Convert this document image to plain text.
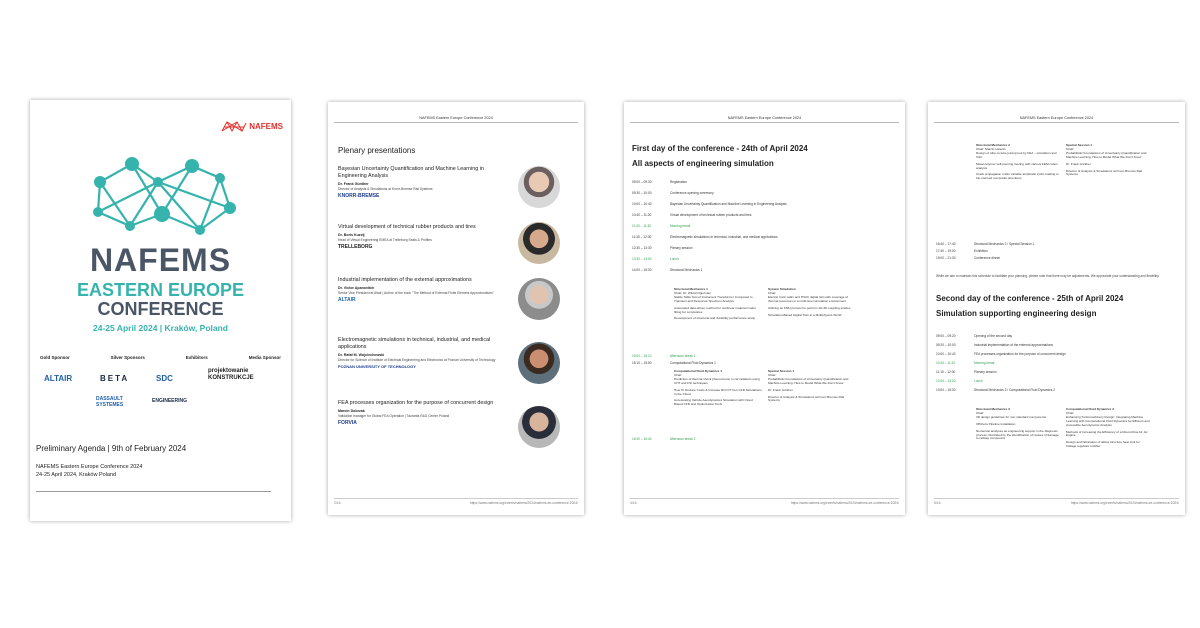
NAFEMS
NAFEMS
EASTERN EUROPE
CONFERENCE
24-25 April 2024 | Kraków, Poland
Gold Sponsor	Silver Sponsors	Exhibitors	Media Sponsor
ALTAIR	BETA	SDC
projektowanie KONSTRUKCJE
DASSAULT SYSTEMES
ENGINEERING
Preliminary Agenda | 9th of February 2024
NAFEMS Eastern Europe Conference 2024
24-25 April 2024, Kraków Poland
NAFEMS Eastern Europe Conference 2024
Plenary presentations
Bayesian Uncertainty Quantification and Machine Learning in Engineering Analysis
Dr. Frank Günther
Director of Analysis & Simulations at Knorr-Bremse Rail Systems
KNORR-BREMSE
Virtual development of technical rubber products and tires
Dr. Boris Kuzelj
Head of Virtual Engineering EMEA at Trelleborg Seals & Profiles
TRELLEBORG
Industrial implementation of the external approximations
Dr. Victor Apanovitch
Senior Vice President at Altair | Author of the book "The Method of External Finite Element Approximations"
ALTAIR
Electromagnetic simulations in technical, industrial, and medical applications
Dr. Rafał M. Wojciechowski
Director for Science of Institute of Electrical Engineering and Electronics at Poznan University of Technology
POZNAN UNIVERSITY OF TECHNOLOGY
FEA processes organization for the purpose of concurrent design
Marcin Dobrzak
Validation manager for Global FEA Operation | Tauranta R&D Center Poland
FORVIA
2/16	https://www.nafems.org/events/nafems/2024/nafems-ee-conference-2024/
NAFEMS Eastern Europe Conference 2024
First day of the conference - 24th of April 2024
All aspects of engineering simulation
09:00 – 09:30	Registration
09:30 – 10:00	Conference opening ceremony
10:00 – 10:40	Bayesian Uncertainty Quantification and Machine Learning in Engineering Analysis
10:40 – 11:20	Virtual development of technical rubber products and tires
11:20 – 11:30	Morning break
11:30 – 12:30	Electromagnetic simulations in technical, industrial, and medical applications
12:30 – 13:30	Plenary session
13:30 – 14:00	Lunch
14:00 – 15:00	Structural Mechanics 1
Structural Mechanics 1
Chair: Dr. Witold Ogierman
Stable Table Test of Instrument Transformer Compared to Transient and Response Spectrum Analysis
Automated data-driven method for nonlinear material model fitting for composites
Development of structural and durability performance study
System Simulation
Chair:
Electric truck cabin and HVAC digital twin with coverage of thermal resources in a multi-level simulation environment
Utilizing an FMU protocol to perform 1D-3D coupling studies
Simulation-Based Digital Twin in a Multiphysics World
15:00 – 15:10	Afternoon break 1
15:10 – 15:50	Computational Fluid Dynamics 1
Computational Fluid Dynamics 1
Chair:
Prediction of thermal shock phenomenon in car radiators using CHT and FSI techniques
How To Reduce Costs & Increase ROI Of Your CFD Simulations In the Cloud
Accelerating Vehicle Aerodynamics Simulation with Cloud Based CFD and Optimization Tools
Special Session 1
Chair:
Probabilistic Foundations of Uncertainty Quantification and Machine Learning: How to Model What We Don't Know
Dr. Frank Günther
Director of Analysis & Simulations at Knorr-Bremse Rail Systems
16:30 – 16:40	Afternoon break 2
4/16	https://www.nafems.org/events/nafems/2024/nafems-ee-conference-2024/
NAFEMS Eastern Europe Conference 2024
Structural Mechanics 2
Chair: Marcin Lisiecki
Design of tube-to-tube joining tool by FEA – simulation and V&V
Metal-polymer self-piercing riveting with various FEM codes analysis
Crack propagation under variable amplitude cyclic loading in bio-sourced composite structures
Special Session 1
Chair:
Probabilistic Foundations of Uncertainty Quantification and Machine Learning: How to Model What We Don't Know
Dr. Frank Günther
Director of Analysis & Simulations at Knorr-Bremse Rail Systems
16:40 – 17:40	Structural Mechanics 2 / Special Session 1
17:40 – 19:00	Exhibition
19:00 – 21:00	Conference dinner
While we aim to maintain this schedule to facilitate your planning, please note that there may be adjustments. We appreciate your understanding and flexibility.
Second day of the conference - 25th of April 2024
Simulation supporting engineering design
09:00 – 09:20	Opening of the second day
09:20 – 10:00	Industrial implementation of the external approximations
10:00 – 10:40	FEA processes organization for the purpose of concurrent design
10:40 – 11:10	Morning break
11:10 – 12:00	Plenary session
12:00 – 13:00	Lunch
13:00 – 15:00	Structural Mechanics 3 / Computational Fluid Dynamics 2
Structural Mechanics 3
Chair:
3D design guidelines for non-standard components
Offshore Pipeline Installation
Numerical analyses as engineering support in the diagnosis process, illustrated by the identification of causes of damage to railway component
Computational Fluid Dynamics 2
Chair:
Enhancing Turbomachinery Design: Integrating Machine Learning with Computational Fluid Dynamics for Efficient and Accessible Aerodynamic Analysis
Methods of increasing the Efficiency of a Direct-Flow Air Jet Engine
Design and fabrication of lattice structure heat sink for Voltage regulator rectifier
5/16	https://www.nafems.org/events/nafems/2024/nafems-ee-conference-2024/
